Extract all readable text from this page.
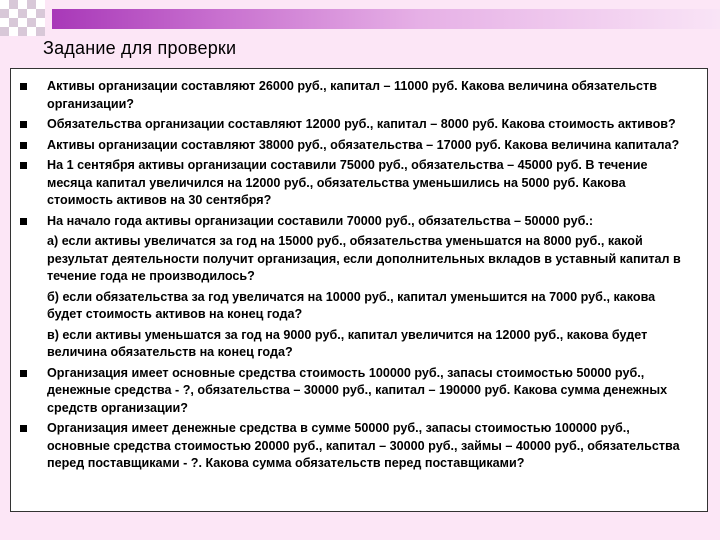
Задание для проверки
Активы организации составляют 26000 руб., капитал – 11000 руб. Какова величина обязательств организации?
Обязательства организации составляют 12000 руб., капитал – 8000 руб. Какова стоимость активов?
Активы организации составляют 38000 руб., обязательства – 17000 руб. Какова величина капитала?
На 1 сентября активы организации составили 75000 руб., обязательства – 45000 руб. В течение месяца капитал увеличился на 12000 руб., обязательства уменьшились на 5000 руб. Какова стоимость активов на 30 сентября?
На начало года активы организации составили 70000 руб., обязательства – 50000 руб.:
а) если активы увеличатся за год на 15000 руб., обязательства уменьшатся на 8000 руб., какой результат деятельности получит организация, если дополнительных вкладов в уставный капитал в течение года не производилось?
б) если обязательства за год увеличатся на 10000 руб., капитал уменьшится на 7000 руб., какова будет стоимость активов на конец года?
в) если активы уменьшатся за год на 9000 руб., капитал увеличится на 12000 руб., какова будет величина обязательств на конец года?
Организация имеет основные средства стоимость 100000 руб., запасы стоимостью 50000 руб., денежные средства - ?, обязательства – 30000 руб., капитал – 190000 руб. Какова сумма денежных средств организации?
Организация имеет денежные средства в сумме 50000 руб., запасы стоимостью 100000 руб., основные средства стоимостью 20000 руб., капитал – 30000 руб., займы – 40000 руб., обязательства перед поставщиками - ?. Какова сумма обязательств перед поставщиками?
